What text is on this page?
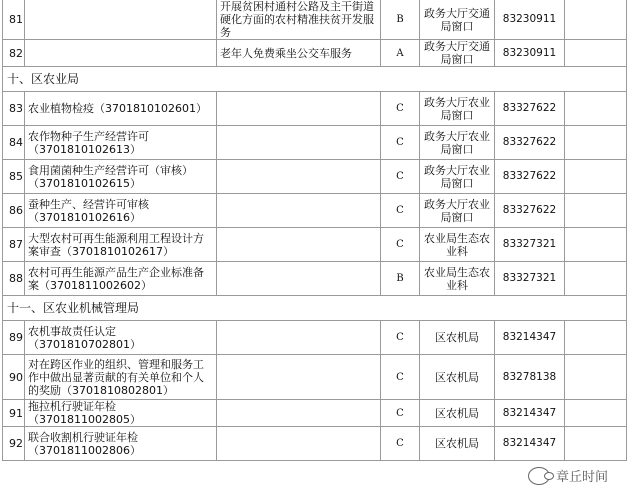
81		开展贫困村通村公路及主干街道硬化方面的农村精准扶贫开发服务	B	政务大厅交通局窗口	83230911	
82		老年人免费乘坐公交车服务	A	政务大厅交通局窗口	83230911	
十、区农业局						
83	农业植物检疫（3701810102601）		C	政务大厅农业局窗口	83327622	
84	农作物种子生产经营许可（3701810102613）		C	政务大厅农业局窗口	83327622	
85	食用菌菌种生产经营许可（审核）（3701810102615）		C	政务大厅农业局窗口	83327622	
86	蚕种生产、经营许可审核（3701810102616）		C	政务大厅农业局窗口	83327622	
87	大型农村可再生能源利用工程设计方案审查（3701810102617）		C	农业局生态农业科	83327321	
88	农村可再生能源产品生产企业标准备案（3701811002602）		B	农业局生态农业科	83327321	
十一、区农业机械管理局						
89	农机事故责任认定（3701810702801）		C	区农机局	83214347	
90	对在跨区作业的组织、管理和服务工作中做出显著贡献的有关单位和个人的奖励（3701810802801）		C	区农机局	83278138	
91	拖拉机行驶证年检（3701811002805）		C	区农机局	83214347	
92	联合收割机行驶证年检（3701811002806）		C	区农机局	83214347	
章丘时间
